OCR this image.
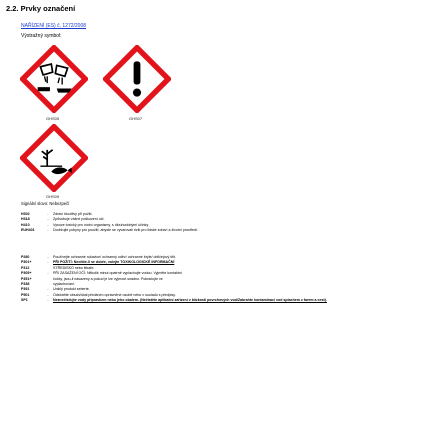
2.2. Prvky označení
NAŘÍZENÍ (ES) č. 1272/2008
Výstražný symbol:
GHS05	GHS07
GHS09
Signální slovo: Nebezpečí
H302	-	Zdraví škodlivý při požití.
H318	-	Způsobuje vážné poškození očí.
H410	-	Vysoce toxický pro vodní organismy, s dlouhodobými účinky.
EUH401	-	Dodržujte pokyny pro použití, abyste se vyvarovali rizik pro lidské zdraví a životní prostředí.
P280	-	Používejte ochranné rukavice/ ochranný oděv/ ochranné brýle/ obličejový štít.
P301+	-	PŘI POŽITÍ: Necítíte-li se dobře, volejte TOXIKOLOGICKÉ INFORMAČNÍ
P312	STŘEDISKO nebo lékaře.
P305+	-	PŘI ZASAŽENÍ OČÍ: Několik minut opatrně vyplachujte vodou. Vyjměte kontaktní
P351+	čočky, jsou-li nasazeny a pokud je lze vyjmout snadno. Pokračujte ve
P338	vyplachování.
P391	-	Uniklý produkt seberte.
P501	-	Odstraňte obsah/obal předáním oprávněné osobě nebo v souladu s předpisy.
SP1	-	Neznečisťujte vody přípravkem nebo jeho obalem. (Nečistěte aplikační zařízení v blízkosti povrchových vod/Zabraňte kontaminaci vod splachem z farem a cest).
